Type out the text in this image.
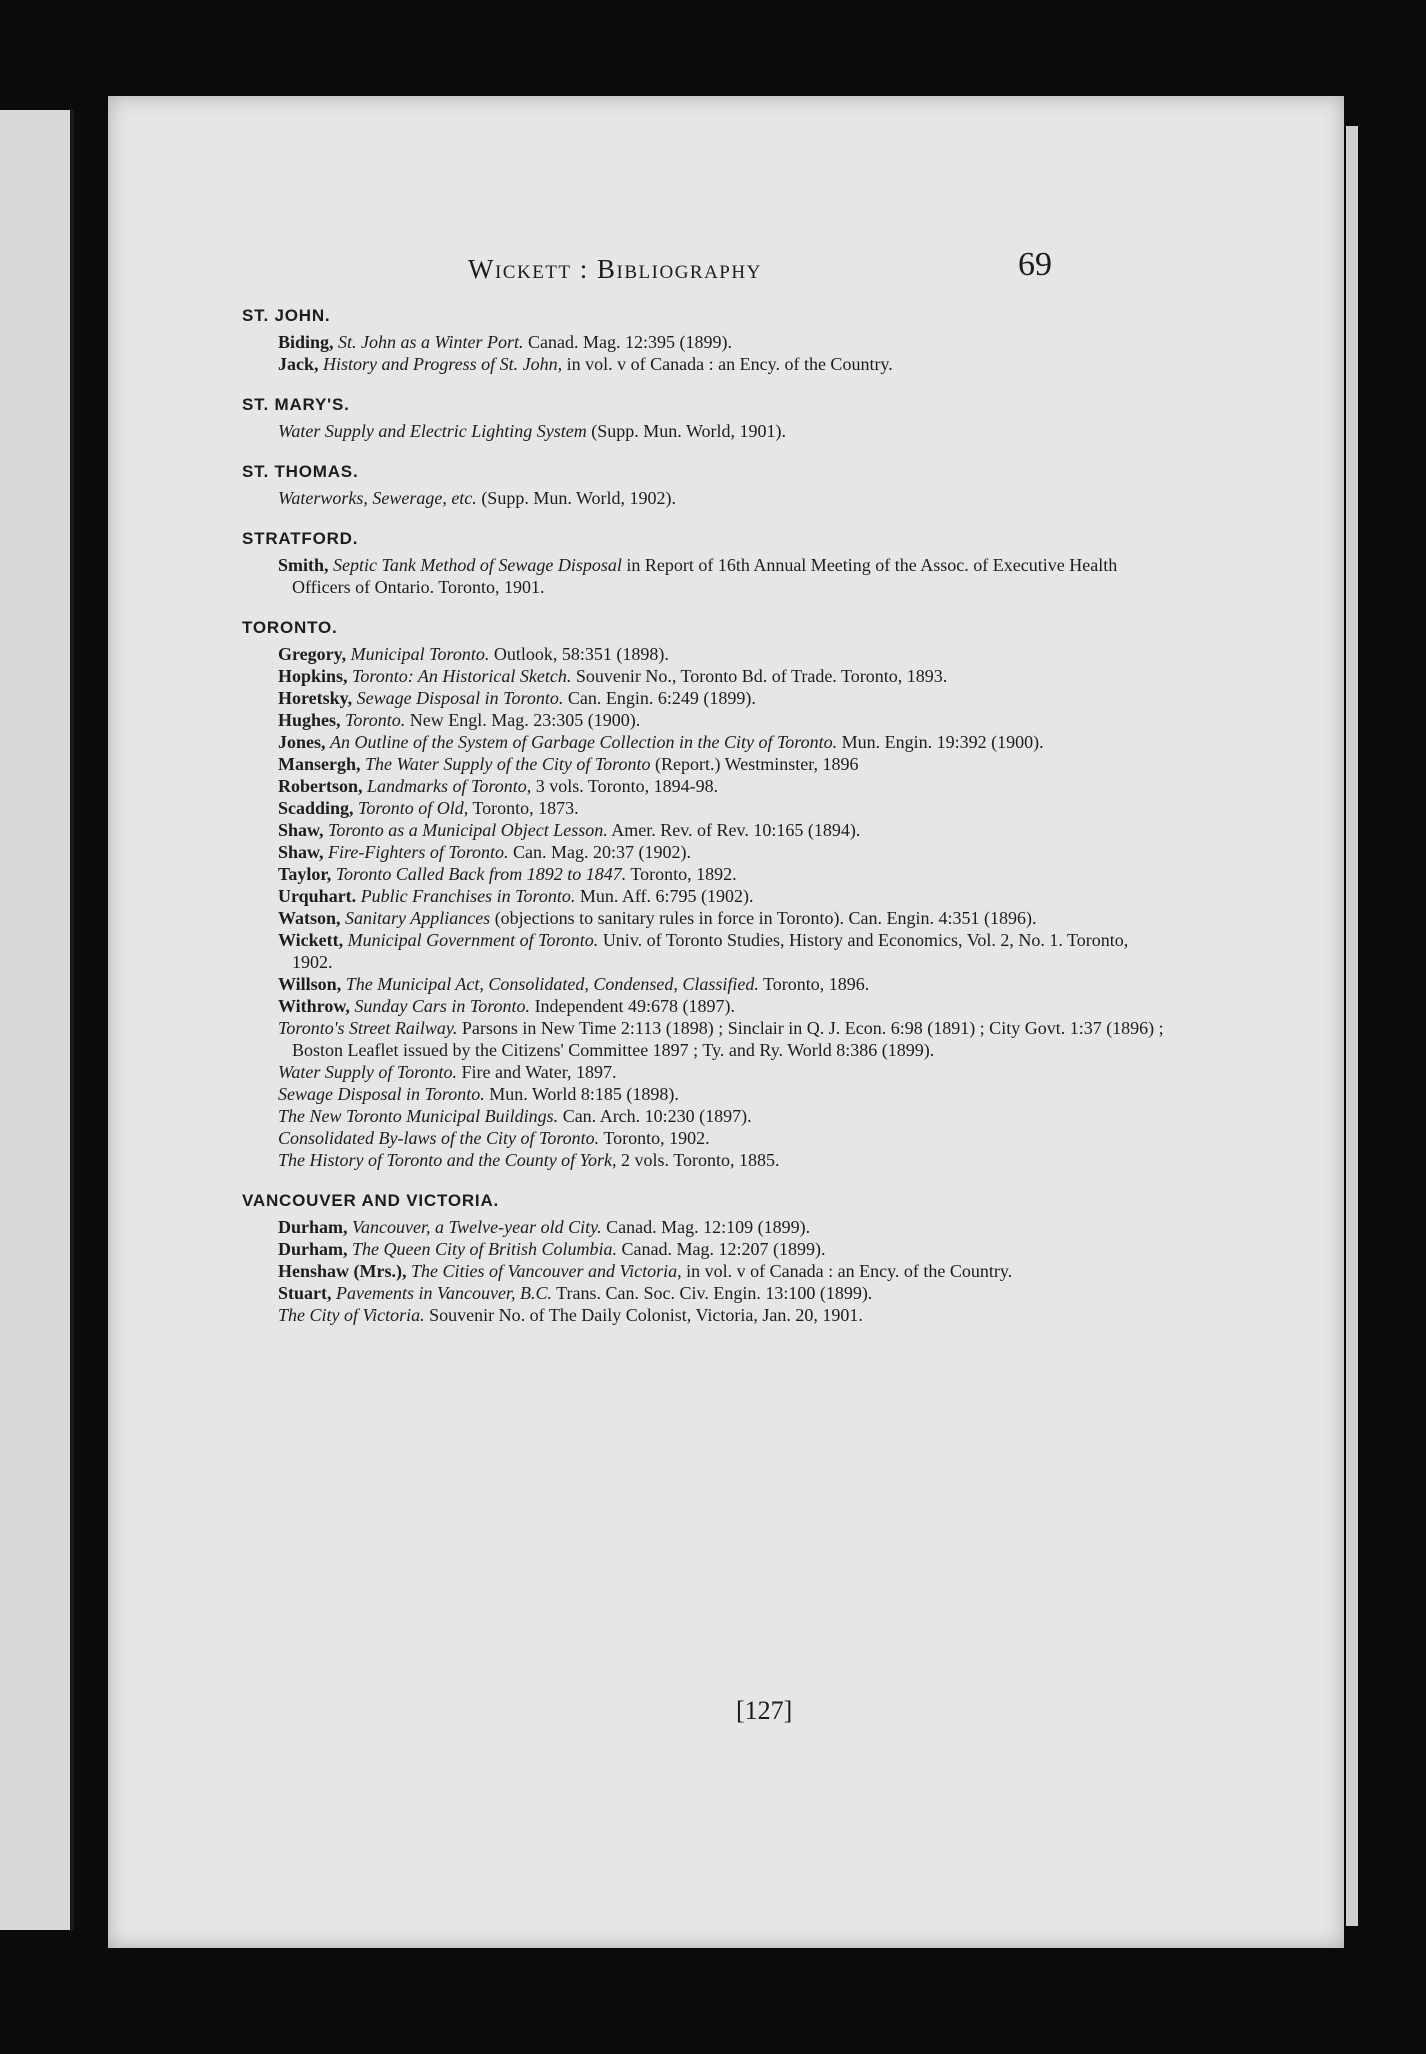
Wickett : Bibliography	69
ST. JOHN.
Biding, St. John as a Winter Port. Canad. Mag. 12:395 (1899).
Jack, History and Progress of St. John, in vol. v of Canada : an Ency. of the Country.
ST. MARY'S.
Water Supply and Electric Lighting System (Supp. Mun. World, 1901).
ST. THOMAS.
Waterworks, Sewerage, etc. (Supp. Mun. World, 1902).
STRATFORD.
Smith, Septic Tank Method of Sewage Disposal in Report of 16th Annual Meeting of the Assoc. of Executive Health Officers of Ontario. Toronto, 1901.
TORONTO.
Gregory, Municipal Toronto. Outlook, 58:351 (1898).
Hopkins, Toronto: An Historical Sketch. Souvenir No., Toronto Bd. of Trade. Toronto, 1893.
Horetsky, Sewage Disposal in Toronto. Can. Engin. 6:249 (1899).
Hughes, Toronto. New Engl. Mag. 23:305 (1900).
Jones, An Outline of the System of Garbage Collection in the City of Toronto. Mun. Engin. 19:392 (1900).
Mansergh, The Water Supply of the City of Toronto (Report.) Westminster, 1896
Robertson, Landmarks of Toronto, 3 vols. Toronto, 1894-98.
Scadding, Toronto of Old, Toronto, 1873.
Shaw, Toronto as a Municipal Object Lesson. Amer. Rev. of Rev. 10:165 (1894).
Shaw, Fire-Fighters of Toronto. Can. Mag. 20:37 (1902).
Taylor, Toronto Called Back from 1892 to 1847. Toronto, 1892.
Urquhart. Public Franchises in Toronto. Mun. Aff. 6:795 (1902).
Watson, Sanitary Appliances (objections to sanitary rules in force in Toronto). Can. Engin. 4:351 (1896).
Wickett, Municipal Government of Toronto. Univ. of Toronto Studies, History and Economics, Vol. 2, No. 1. Toronto, 1902.
Willson, The Municipal Act, Consolidated, Condensed, Classified. Toronto, 1896.
Withrow, Sunday Cars in Toronto. Independent 49:678 (1897).
Toronto's Street Railway. Parsons in New Time 2:113 (1898) ; Sinclair in Q. J. Econ. 6:98 (1891) ; City Govt. 1:37 (1896) ; Boston Leaflet issued by the Citizens' Committee 1897 ; Ty. and Ry. World 8:386 (1899).
Water Supply of Toronto. Fire and Water, 1897.
Sewage Disposal in Toronto. Mun. World 8:185 (1898).
The New Toronto Municipal Buildings. Can. Arch. 10:230 (1897).
Consolidated By-laws of the City of Toronto. Toronto, 1902.
The History of Toronto and the County of York, 2 vols. Toronto, 1885.
VANCOUVER AND VICTORIA.
Durham, Vancouver, a Twelve-year old City. Canad. Mag. 12:109 (1899).
Durham, The Queen City of British Columbia. Canad. Mag. 12:207 (1899).
Henshaw (Mrs.), The Cities of Vancouver and Victoria, in vol. v of Canada : an Ency. of the Country.
Stuart, Pavements in Vancouver, B.C. Trans. Can. Soc. Civ. Engin. 13:100 (1899).
The City of Victoria. Souvenir No. of The Daily Colonist, Victoria, Jan. 20, 1901.
[127]
